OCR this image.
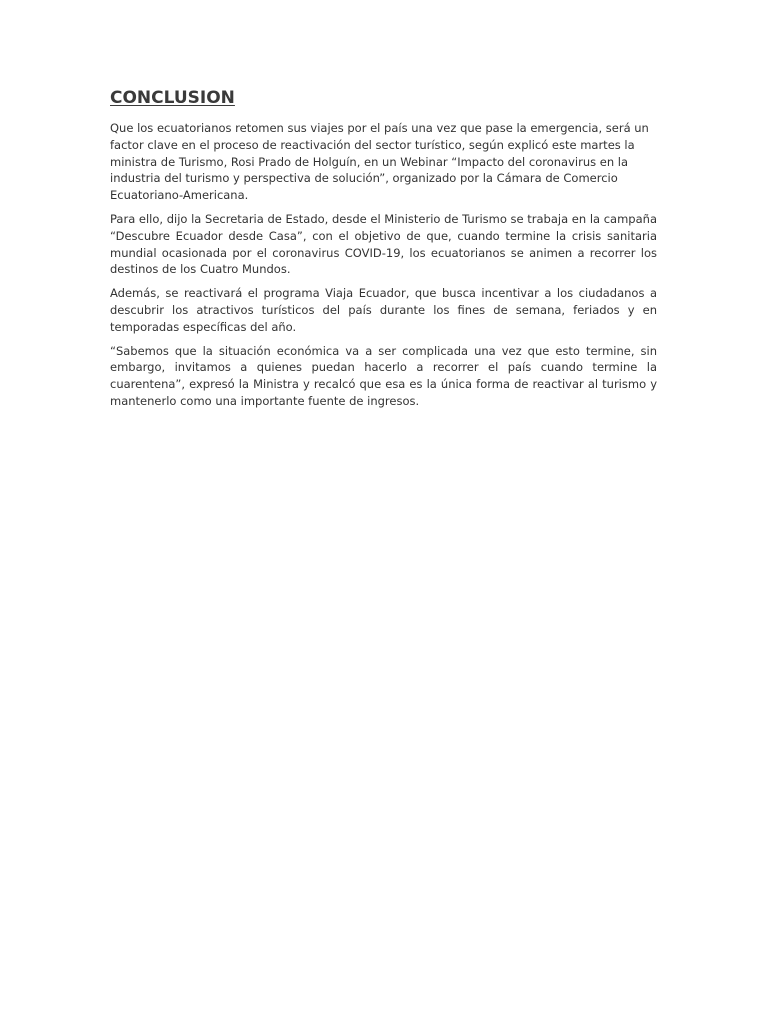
CONCLUSION

Que los ecuatorianos retomen sus viajes por el país una vez que pase la emergencia, será un factor clave en el proceso de reactivación del sector turístico, según explicó este martes la ministra de Turismo, Rosi Prado de Holguín, en un Webinar “Impacto del coronavirus en la industria del turismo y perspectiva de solución”, organizado por la Cámara de Comercio Ecuatoriano-Americana.

Para ello, dijo la Secretaria de Estado, desde el Ministerio de Turismo se trabaja en la campaña “Descubre Ecuador desde Casa”, con el objetivo de que, cuando termine la crisis sanitaria mundial ocasionada por el coronavirus COVID-19, los ecuatorianos se animen a recorrer los destinos de los Cuatro Mundos.

Además, se reactivará el programa Viaja Ecuador, que busca incentivar a los ciudadanos a descubrir los atractivos turísticos del país durante los fines de semana, feriados y en temporadas específicas del año.

“Sabemos que la situación económica va a ser complicada una vez que esto termine, sin embargo, invitamos a quienes puedan hacerlo a recorrer el país cuando termine la cuarentena”, expresó la Ministra y recalcó que esa es la única forma de reactivar al turismo y mantenerlo como una importante fuente de ingresos.
